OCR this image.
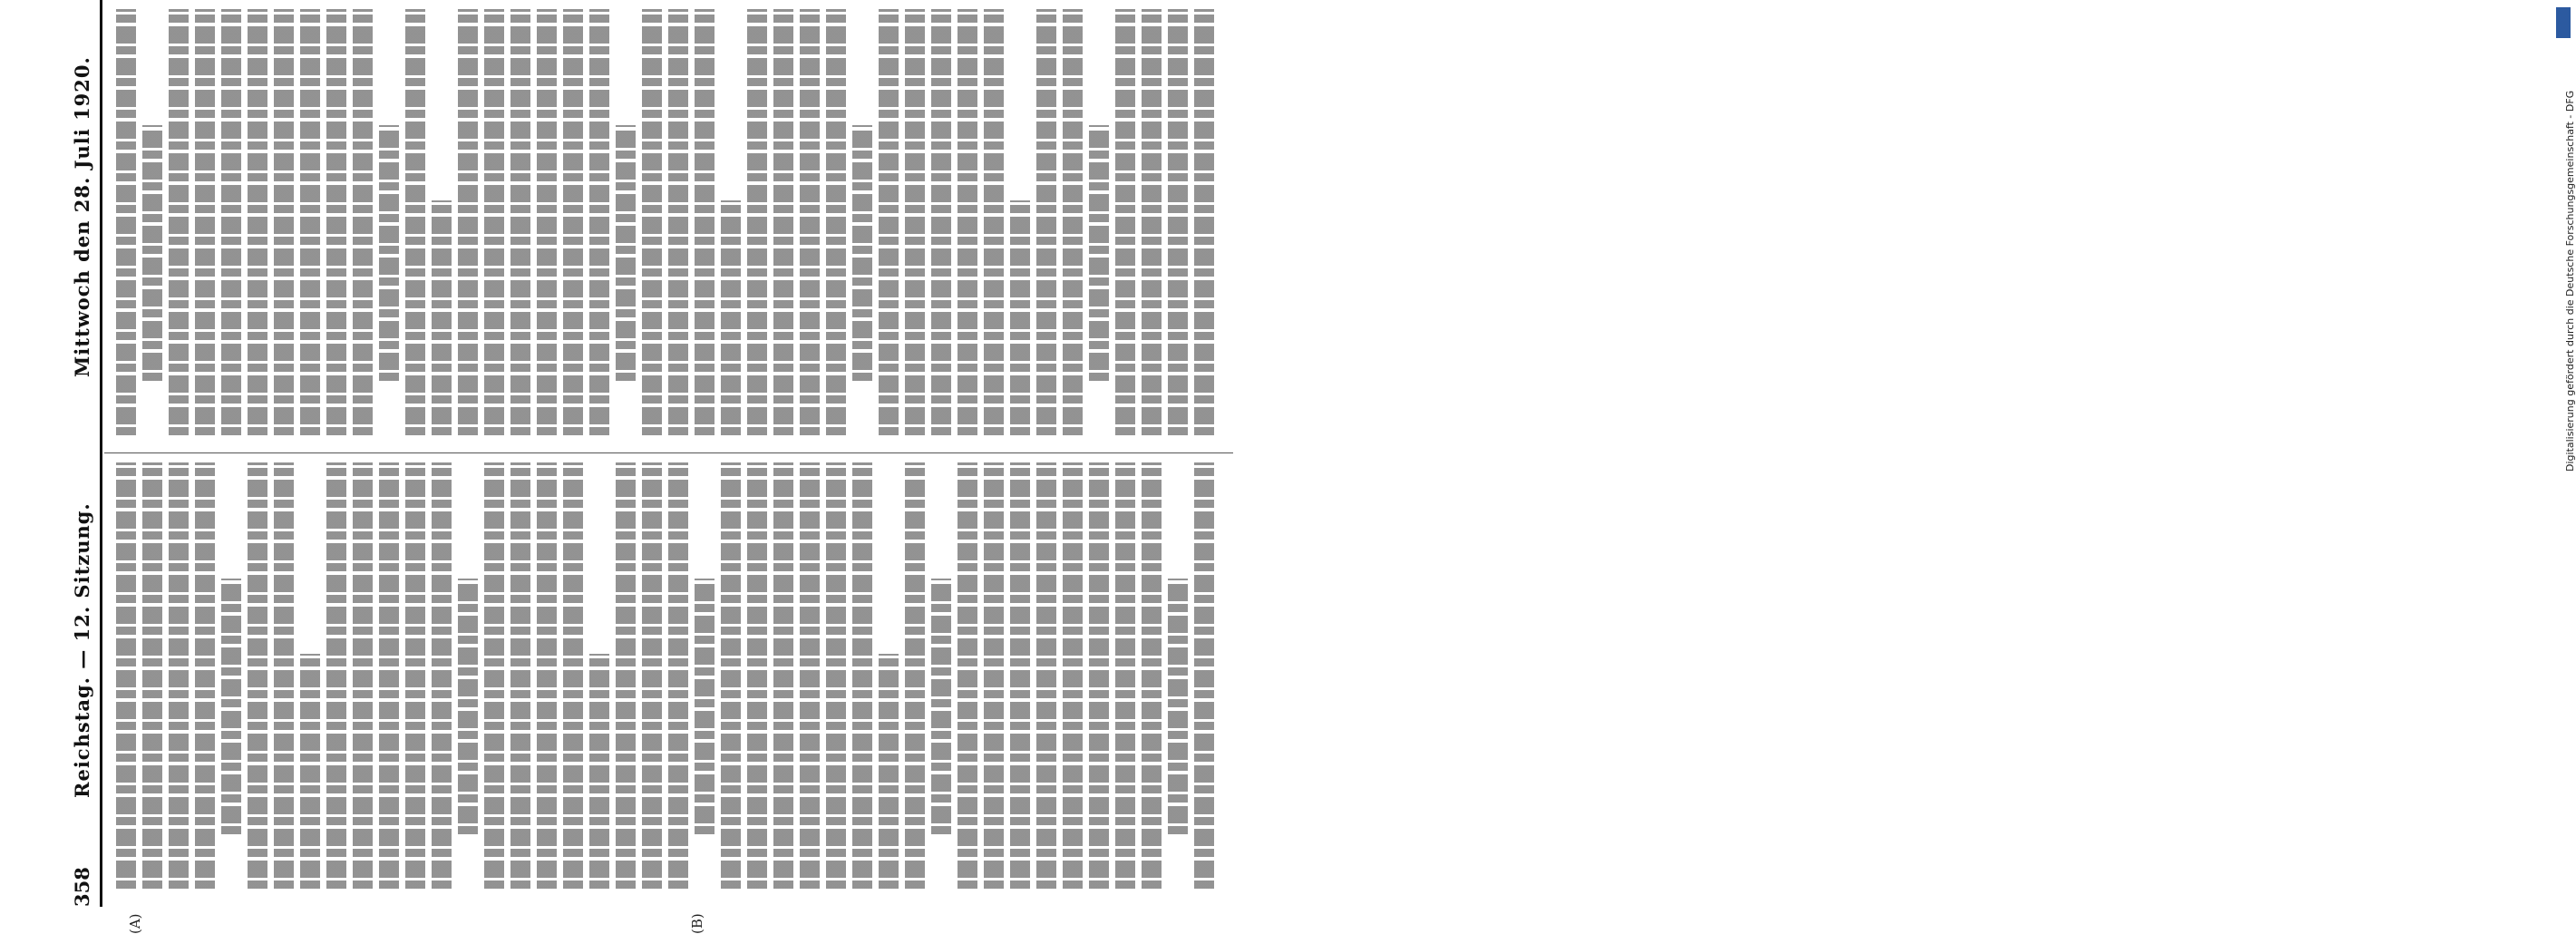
358
Reichstag. — 12. Sitzung.
Mittwoch den 28. Juli 1920.
(A)	(B)
Digitalisierung gefördert durch die Deutsche Forschungsgemeinschaft - DFG
